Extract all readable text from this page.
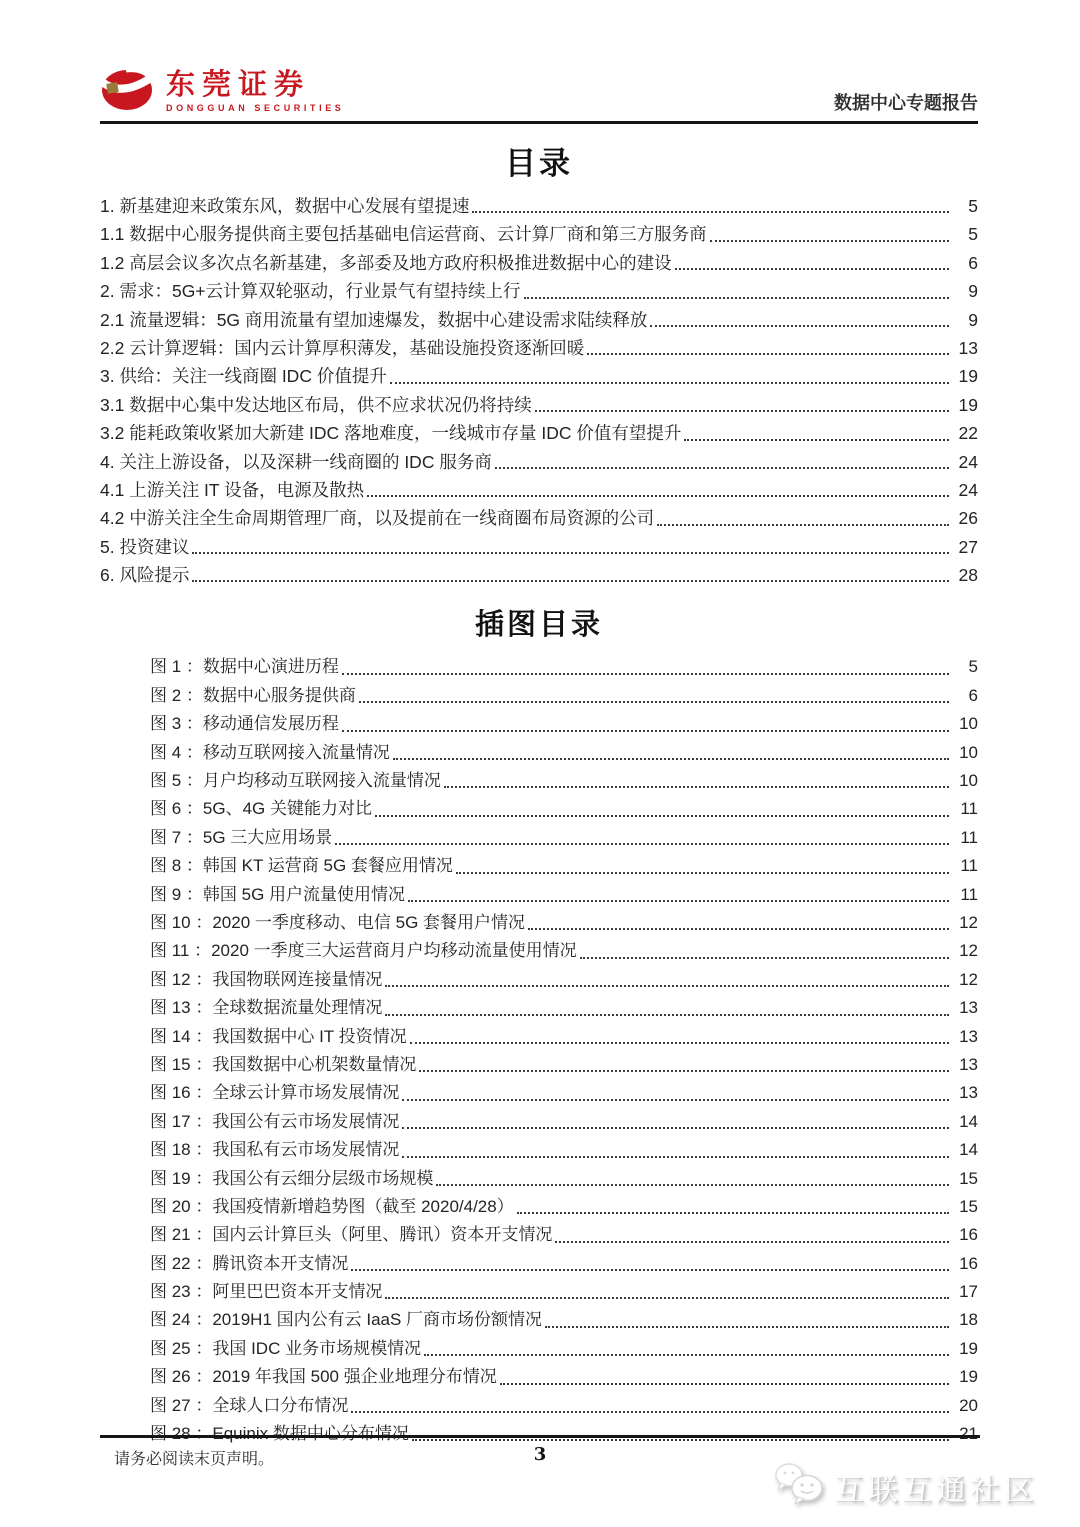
东莞证券
DONGGUAN SECURITIES	数据中心专题报告
目录
1. 新基建迎来政策东风，数据中心发展有望提速	5
1.1 数据中心服务提供商主要包括基础电信运营商、云计算厂商和第三方服务商	5
1.2 高层会议多次点名新基建，多部委及地方政府积极推进数据中心的建设	6
2. 需求：5G+云计算双轮驱动，行业景气有望持续上行	9
2.1 流量逻辑：5G 商用流量有望加速爆发，数据中心建设需求陆续释放	9
2.2 云计算逻辑：国内云计算厚积薄发，基础设施投资逐渐回暖	13
3. 供给：关注一线商圈 IDC 价值提升	19
3.1 数据中心集中发达地区布局，供不应求状况仍将持续	19
3.2 能耗政策收紧加大新建 IDC 落地难度，一线城市存量 IDC 价值有望提升	22
4. 关注上游设备，以及深耕一线商圈的 IDC 服务商	24
4.1 上游关注 IT 设备，电源及散热	24
4.2 中游关注全生命周期管理厂商，以及提前在一线商圈布局资源的公司	26
5. 投资建议	27
6. 风险提示	28
插图目录
图 1 ：数据中心演进历程	5
图 2 ：数据中心服务提供商	6
图 3 ：移动通信发展历程	10
图 4 ：移动互联网接入流量情况	10
图 5 ：月户均移动互联网接入流量情况	10
图 6 ：5G、4G 关键能力对比	11
图 7 ：5G 三大应用场景	11
图 8 ：韩国 KT 运营商 5G 套餐应用情况	11
图 9 ：韩国 5G 用户流量使用情况	11
图 10 ：2020 一季度移动、电信 5G 套餐用户情况	12
图 11 ：2020 一季度三大运营商月户均移动流量使用情况	12
图 12 ：我国物联网连接量情况	12
图 13 ：全球数据流量处理情况	13
图 14 ：我国数据中心 IT 投资情况	13
图 15 ：我国数据中心机架数量情况	13
图 16 ：全球云计算市场发展情况	13
图 17 ：我国公有云市场发展情况	14
图 18 ：我国私有云市场发展情况	14
图 19 ：我国公有云细分层级市场规模	15
图 20 ：我国疫情新增趋势图（截至 2020/4/28）	15
图 21 ：国内云计算巨头（阿里、腾讯）资本开支情况	16
图 22 ：腾讯资本开支情况	16
图 23 ：阿里巴巴资本开支情况	17
图 24 ：2019H1 国内公有云 IaaS 厂商市场份额情况	18
图 25 ：我国 IDC 业务市场规模情况	19
图 26 ：2019 年我国 500 强企业地理分布情况	19
图 27 ：全球人口分布情况	20
图 28 ：Equinix 数据中心分布情况	21
请务必阅读末页声明。	3
互联互通社区
